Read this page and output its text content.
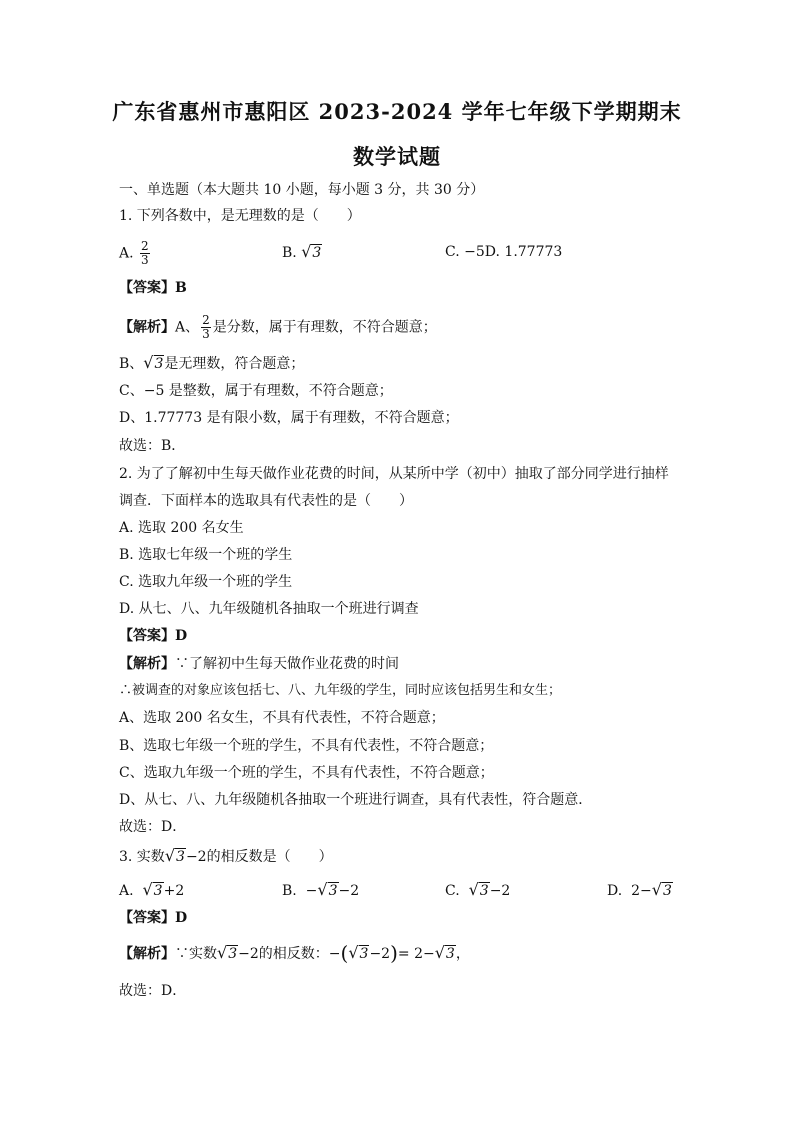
广东省惠州市惠阳区 2023-2024 学年七年级下学期期末
数学试题
一、单选题（本大题共 10 小题，每小题 3 分，共 30 分）
1. 下列各数中，是无理数的是（　　）
A. $\frac{2}{3}$	B. √3	C. −5D. 1.77773
【答案】B
【解析】A、 $\frac{2}{3}$ 是分数，属于有理数，不符合题意；
B、√3是无理数，符合题意；
C、−5 是整数，属于有理数，不符合题意；
D、1.77773 是有限小数，属于有理数，不符合题意；
故选：B．
2. 为了了解初中生每天做作业花费的时间，从某所中学（初中）抽取了部分同学进行抽样
调查．下面样本的选取具有代表性的是（　　）
A. 选取 200 名女生
B. 选取七年级一个班的学生
C. 选取九年级一个班的学生
D. 从七、八、九年级随机各抽取一个班进行调查
【答案】D
【解析】∵了解初中生每天做作业花费的时间
∴被调查的对象应该包括七、八、九年级的学生，同时应该包括男生和女生；
A、选取 200 名女生，不具有代表性，不符合题意；
B、选取七年级一个班的学生，不具有代表性，不符合题意；
C、选取九年级一个班的学生，不具有代表性，不符合题意；
D、从七、八、九年级随机各抽取一个班进行调查，具有代表性，符合题意．
故选：D．
3. 实数√3−2的相反数是（　　）
A. √3+2	B. −√3−2	C. √3−2	D. 2−√3
【答案】D
【解析】∵实数√3−2的相反数：−(√3−2)= 2−√3，
故选：D．
